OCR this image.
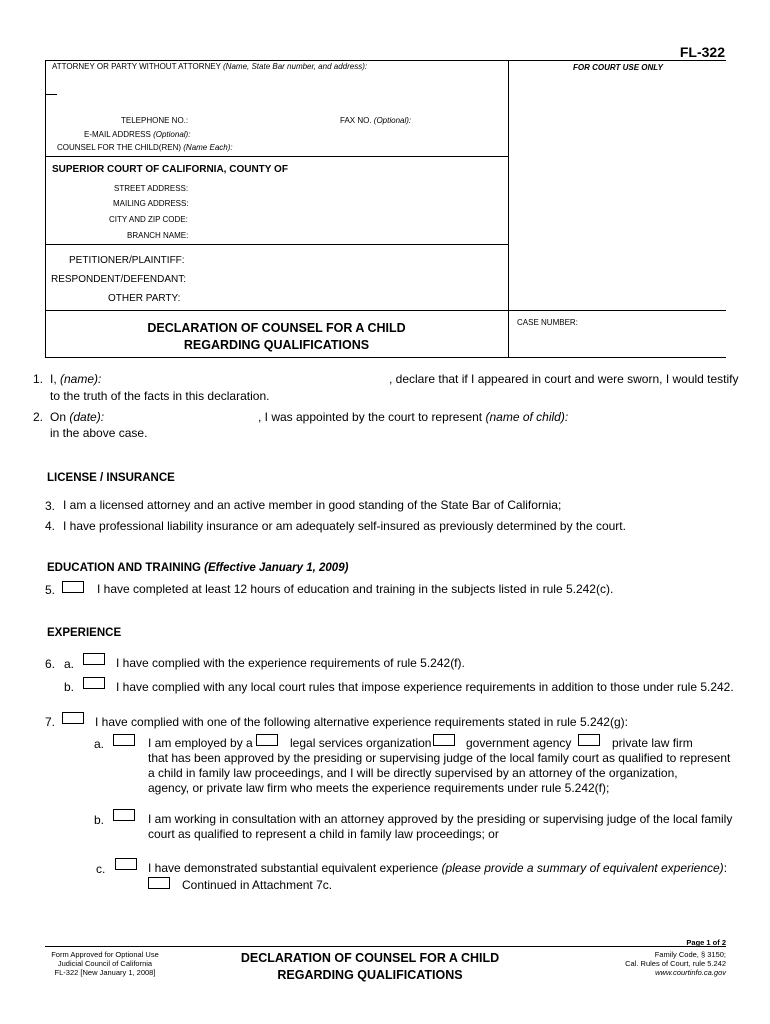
FL-322
ATTORNEY OR PARTY WITHOUT ATTORNEY (Name, State Bar number, and address):	FOR COURT USE ONLY
TELEPHONE NO.:	FAX NO. (Optional):
E-MAIL ADDRESS (Optional):
COUNSEL FOR THE CHILD(REN) (Name Each):
SUPERIOR COURT OF CALIFORNIA, COUNTY OF
STREET ADDRESS:
MAILING ADDRESS:
CITY AND ZIP CODE:
BRANCH NAME:
PETITIONER/PLAINTIFF:
RESPONDENT/DEFENDANT:
OTHER PARTY:
DECLARATION OF COUNSEL FOR A CHILD
REGARDING QUALIFICATIONS
CASE NUMBER:
1. I, (name):	, declare that if I appeared in court and were sworn, I would testify
to the truth of the facts in this declaration.
2. On (date):	, I was appointed by the court to represent (name of child):
in the above case.
LICENSE / INSURANCE
3. I am a licensed attorney and an active member in good standing of the State Bar of California;
4. I have professional liability insurance or am adequately self-insured as previously determined by the court.
EDUCATION AND TRAINING (Effective January 1, 2009)
5.	I have completed at least 12 hours of education and training in the subjects listed in rule 5.242(c).
EXPERIENCE
6. a.	I have complied with the experience requirements of rule 5.242(f).
b.	I have complied with any local court rules that impose experience requirements in addition to those under rule 5.242.
7.	I have complied with one of the following alternative experience requirements stated in rule 5.242(g):
a.	I am employed by a	legal services organization	government agency	private law firm
that has been approved by the presiding or supervising judge of the local family court as qualified to represent
a child in family law proceedings, and I will be directly supervised by an attorney of the organization,
agency, or private law firm who meets the experience requirements under rule 5.242(f);
b.	I am working in consultation with an attorney approved by the presiding or supervising judge of the local family
court as qualified to represent a child in family law proceedings; or
c.	I have demonstrated substantial equivalent experience (please provide a summary of equivalent experience):
Continued in Attachment 7c.
Page 1 of 2
Form Approved for Optional Use
Judicial Council of California
FL-322 [New January 1, 2008]
DECLARATION OF COUNSEL FOR A CHILD
REGARDING QUALIFICATIONS
Family Code, § 3150;
Cal. Rules of Court, rule 5.242
www.courtinfo.ca.gov
